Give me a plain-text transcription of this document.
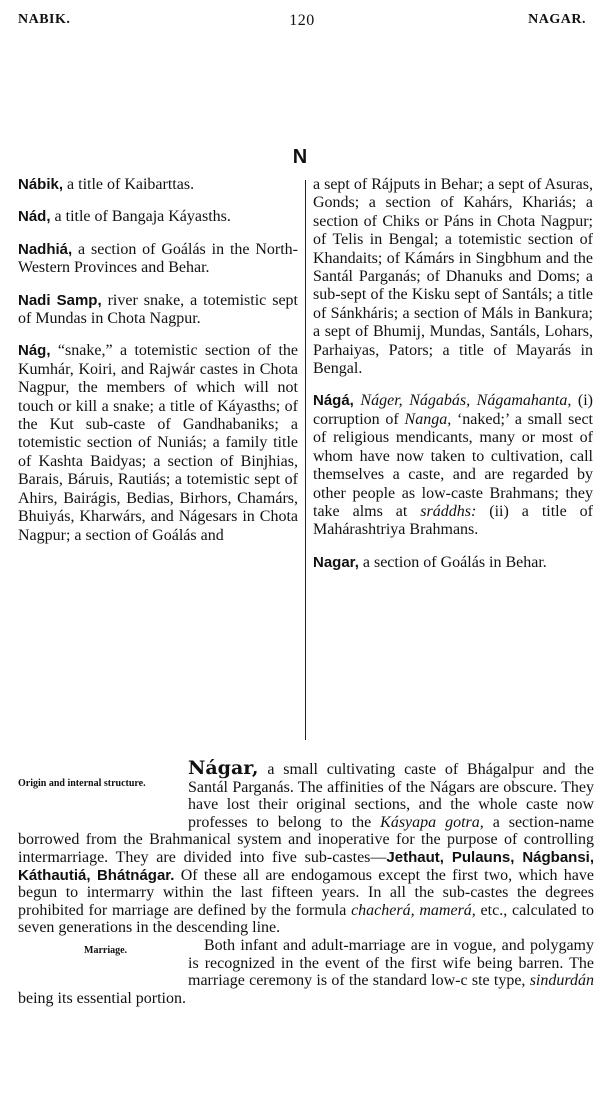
NABIK.	120	NAGAR.
N

Nábik, a title of Kaibarttas.

Nád, a title of Bangaja Káyasths.

Nadhiá, a section of Goálás in the North-Western Provinces and Behar.

Nadi Samp, river snake, a totemistic sept of Mundas in Chota Nagpur.

Nág, “snake,” a totemistic section of the Kumhár, Koiri, and Rajwár castes in Chota Nagpur, the members of which will not touch or kill a snake; a title of Káyasths; of the Kut sub-caste of Gandhabaniks; a totemistic section of Nuniás; a family title of Kashta Baidyas; a section of Binjhias, Barais, Báruis, Rautiás; a totemistic sept of Ahirs, Bairágis, Bedias, Birhors, Chamárs, Bhuiyás, Kharwárs, and Nágesars in Chota Nagpur; a section of Goálás and

a sept of Rájputs in Behar; a sept of Asuras, Gonds; a section of Kahárs, Khariás; a section of Chiks or Páns in Chota Nagpur; of Telis in Bengal; a totemistic section of Khandaits; of Kámárs in Singbhum and the Santál Parganás; of Dhanuks and Doms; a sub-sept of the Kisku sept of Santáls; a title of Sánkháris; a section of Máls in Bankura; a sept of Bhumij, Mundas, Santáls, Lohars, Parhaiyas, Pators; a title of Mayarás in Bengal.

Nágá, Náger, Nágabás, Nágamahanta, (i) corruption of Nanga, ‘naked;’ a small sect of religious mendicants, many or most of whom have now taken to cultivation, call themselves a caste, and are regarded by other people as low-caste Brahmans; they take alms at sráddhs: (ii) a title of Mahárashtriya Brahmans.

Nagar, a section of Goálás in Behar.

Origin and internal structure.
Nágar, a small cultivating caste of Bhágalpur and the Santál Parganás. The affinities of the Nágars are obscure. They have lost their original sections, and the whole caste now professes to belong to the Kásyapa gotra, a section-name borrowed from the Brahmanical system and inoperative for the purpose of controlling intermarriage. They are divided into five sub-castes—Jethaut, Pulauns, Nágbansi, Káthautiá, Bhátnágar. Of these all are endogamous except the first two, which have begun to intermarry within the last fifteen years. In all the sub-castes the degrees prohibited for marriage are defined by the formula chacherá, mamerá, etc., calculated to seven generations in the descending line.

Marriage.	Both infant and adult-marriage are in vogue, and polygamy is recognized in the event of the first wife being barren. The marriage ceremony is of the standard low-c ste type, sindurdán being its essential portion.
